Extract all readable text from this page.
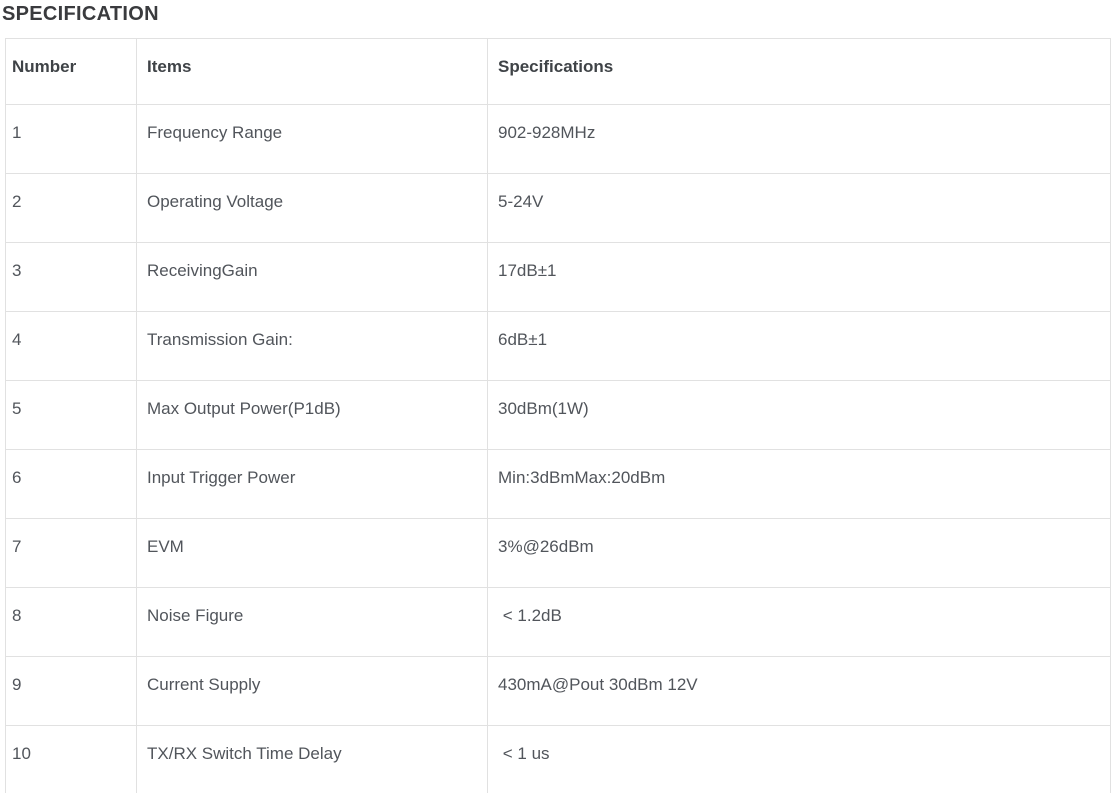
SPECIFICATION
Number	Items	Specifications
1	Frequency Range	902-928MHz
2	Operating Voltage	5-24V
3	ReceivingGain	17dB±1
4	Transmission Gain:	6dB±1
5	Max Output Power(P1dB)	30dBm(1W)
6	Input Trigger Power	Min:3dBmMax:20dBm
7	EVM	3%@26dBm
8	Noise Figure	< 1.2dB
9	Current Supply	430mA@Pout 30dBm 12V
10	TX/RX Switch Time Delay	< 1 us
